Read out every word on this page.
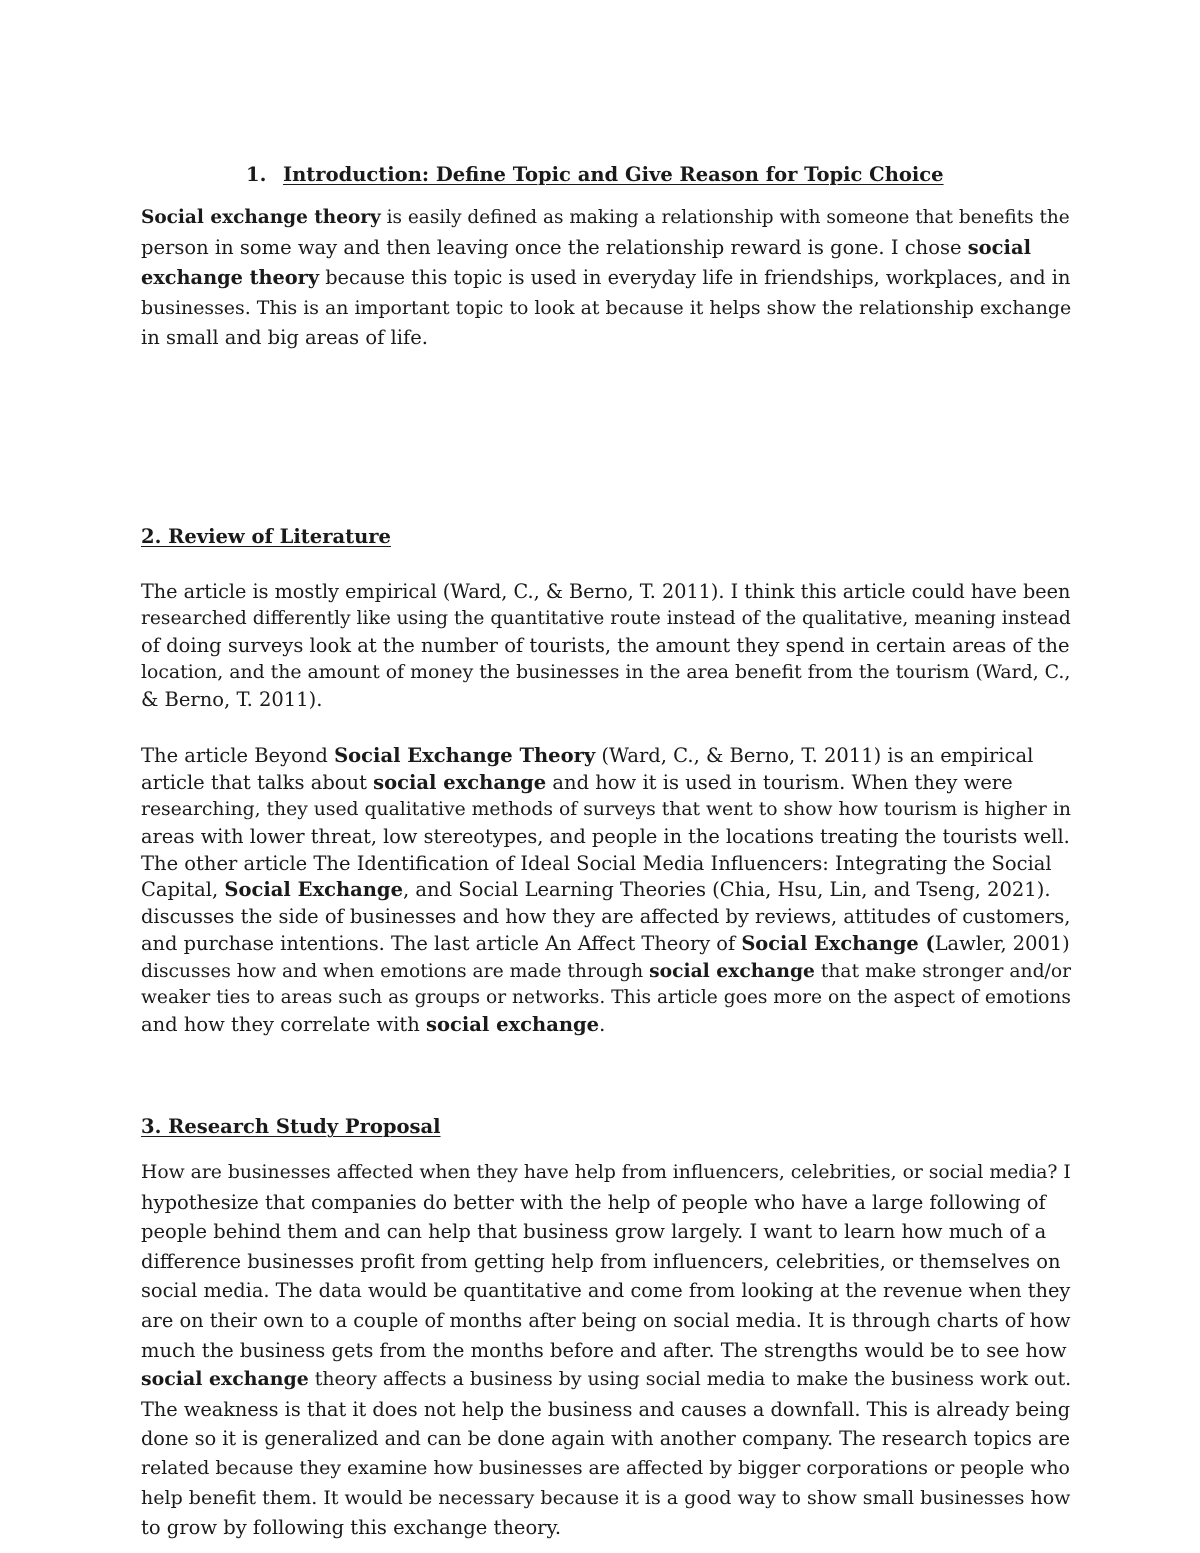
1. Introduction: Define Topic and Give Reason for Topic Choice
Social exchange theory is easily defined as making a relationship with someone that benefits the
person in some way and then leaving once the relationship reward is gone. I chose social
exchange theory because this topic is used in everyday life in friendships, workplaces, and in
businesses. This is an important topic to look at because it helps show the relationship exchange
in small and big areas of life.
2. Review of Literature
The article is mostly empirical (Ward, C., & Berno, T. 2011). I think this article could have been
researched differently like using the quantitative route instead of the qualitative, meaning instead
of doing surveys look at the number of tourists, the amount they spend in certain areas of the
location, and the amount of money the businesses in the area benefit from the tourism (Ward, C.,
& Berno, T. 2011).
The article Beyond Social Exchange Theory (Ward, C., & Berno, T. 2011) is an empirical
article that talks about social exchange and how it is used in tourism. When they were
researching, they used qualitative methods of surveys that went to show how tourism is higher in
areas with lower threat, low stereotypes, and people in the locations treating the tourists well.
The other article The Identification of Ideal Social Media Influencers: Integrating the Social
Capital, Social Exchange, and Social Learning Theories (Chia, Hsu, Lin, and Tseng, 2021).
discusses the side of businesses and how they are affected by reviews, attitudes of customers,
and purchase intentions. The last article An Affect Theory of Social Exchange (Lawler, 2001)
discusses how and when emotions are made through social exchange that make stronger and/or
weaker ties to areas such as groups or networks. This article goes more on the aspect of emotions
and how they correlate with social exchange.
3. Research Study Proposal
How are businesses affected when they have help from influencers, celebrities, or social media? I
hypothesize that companies do better with the help of people who have a large following of
people behind them and can help that business grow largely. I want to learn how much of a
difference businesses profit from getting help from influencers, celebrities, or themselves on
social media. The data would be quantitative and come from looking at the revenue when they
are on their own to a couple of months after being on social media. It is through charts of how
much the business gets from the months before and after. The strengths would be to see how
social exchange theory affects a business by using social media to make the business work out.
The weakness is that it does not help the business and causes a downfall. This is already being
done so it is generalized and can be done again with another company. The research topics are
related because they examine how businesses are affected by bigger corporations or people who
help benefit them. It would be necessary because it is a good way to show small businesses how
to grow by following this exchange theory.
